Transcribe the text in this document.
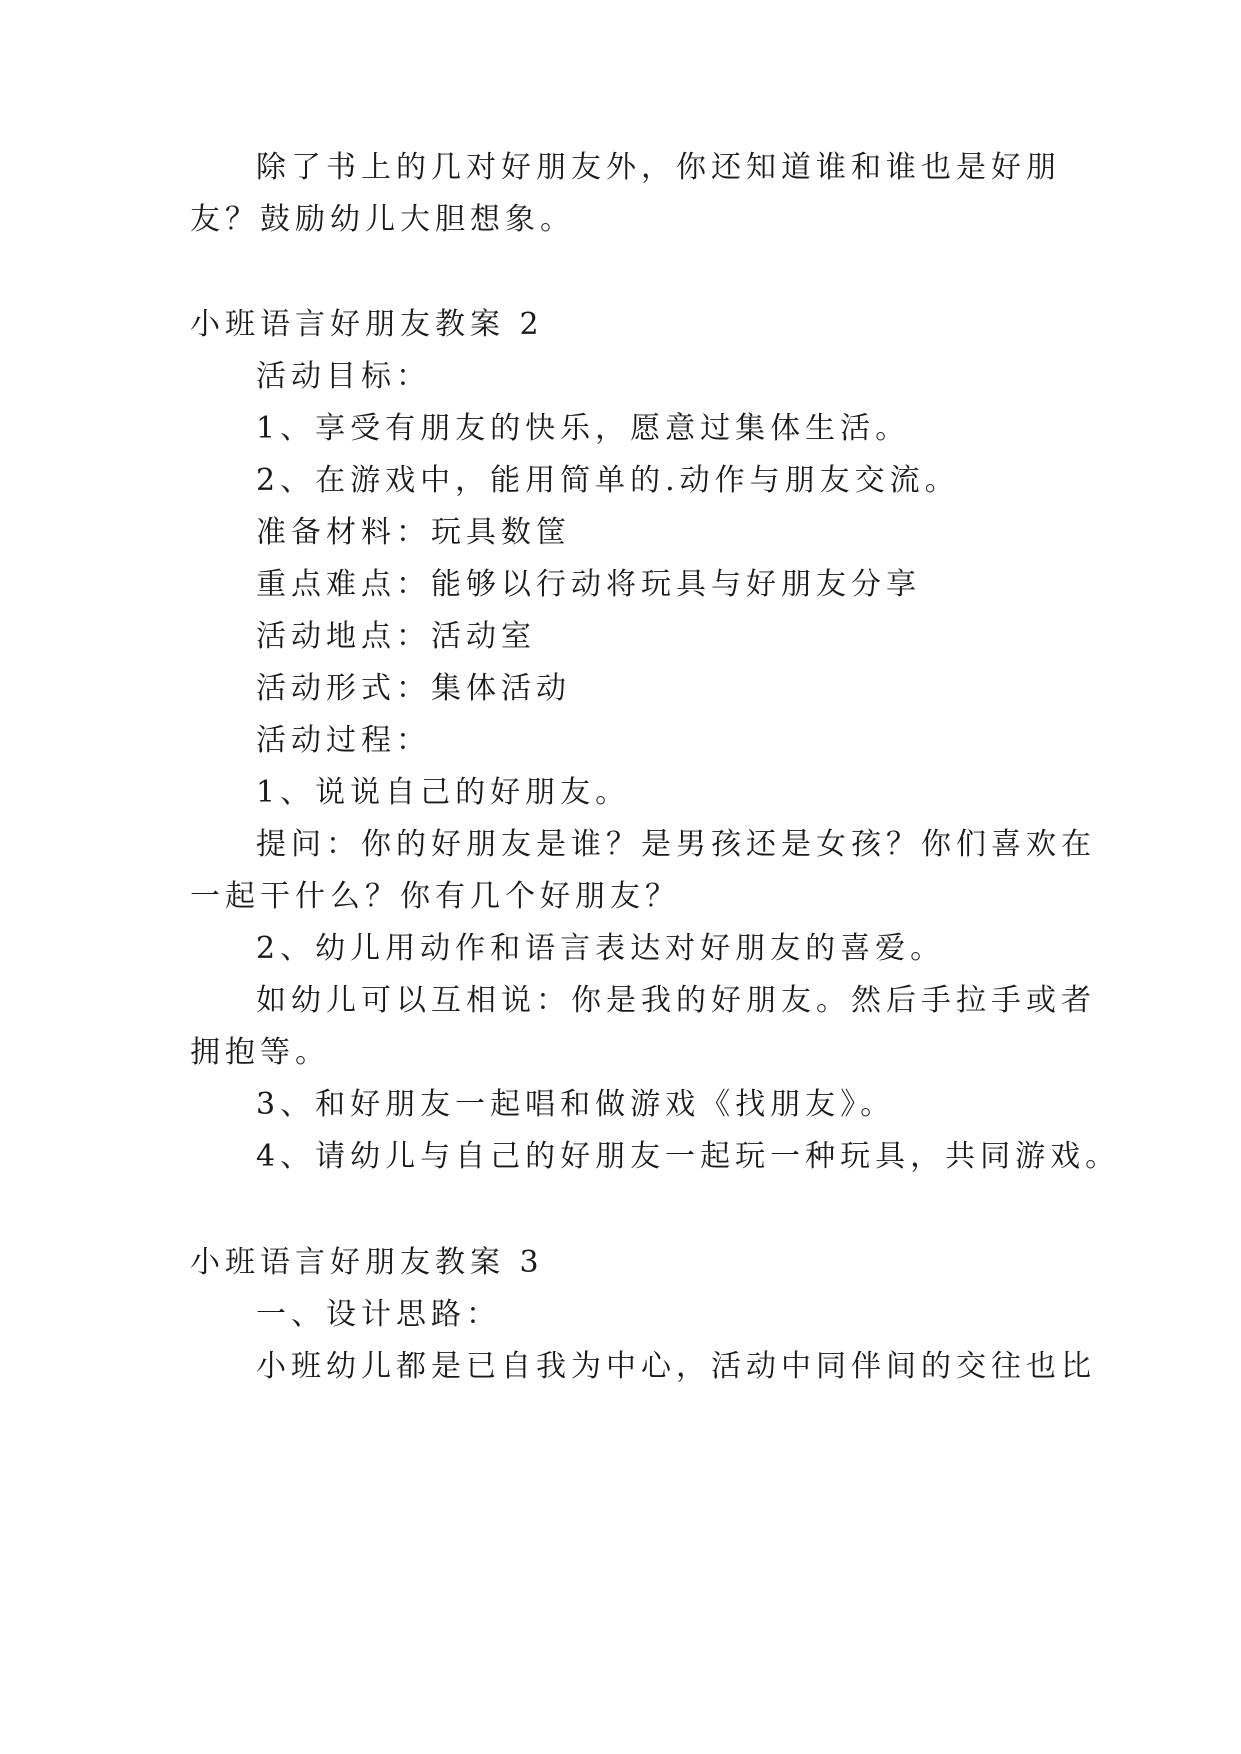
除了书上的几对好朋友外，你还知道谁和谁也是好朋
友？鼓励幼儿大胆想象。
小班语言好朋友教案 2
活动目标：
1、享受有朋友的快乐，愿意过集体生活。
2、在游戏中，能用简单的.动作与朋友交流。
准备材料：玩具数筐
重点难点：能够以行动将玩具与好朋友分享
活动地点：活动室
活动形式：集体活动
活动过程：
1、说说自己的好朋友。
提问：你的好朋友是谁？是男孩还是女孩？你们喜欢在
一起干什么？你有几个好朋友？
2、幼儿用动作和语言表达对好朋友的喜爱。
如幼儿可以互相说：你是我的好朋友。然后手拉手或者
拥抱等。
3、和好朋友一起唱和做游戏《找朋友》。
4、请幼儿与自己的好朋友一起玩一种玩具，共同游戏。
小班语言好朋友教案 3
一、设计思路：
小班幼儿都是已自我为中心，活动中同伴间的交往也比
